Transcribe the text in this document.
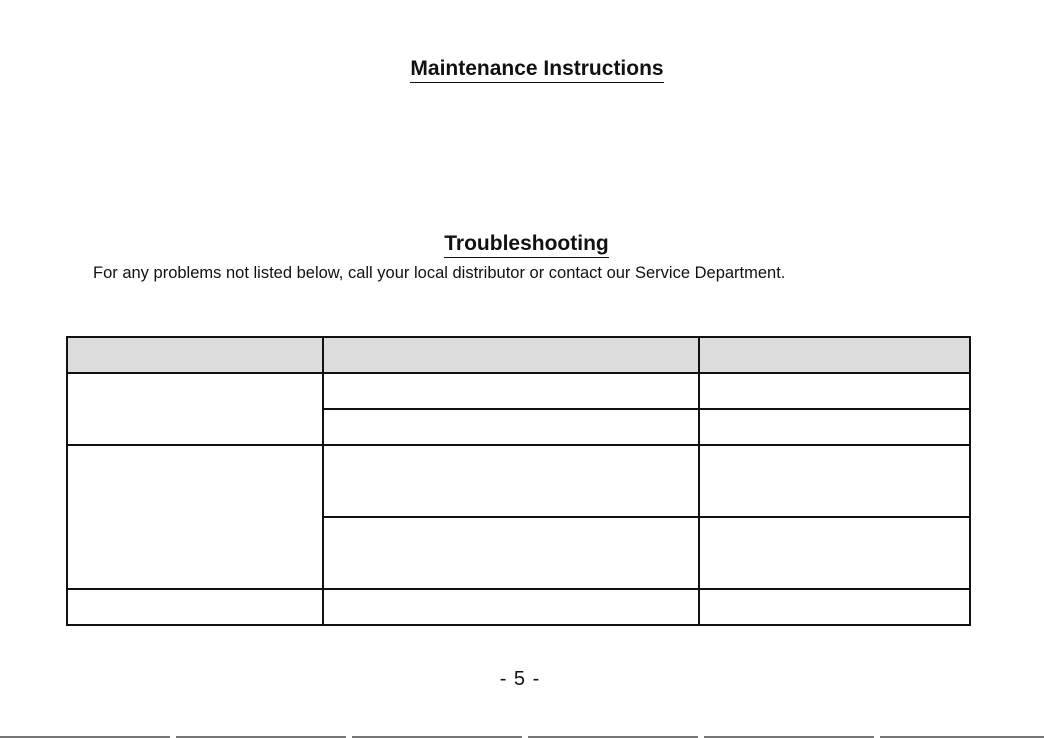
Maintenance Instructions
Troubleshooting

For any problems not listed below, call your local distributor or contact our Service Department.

- 5 -
